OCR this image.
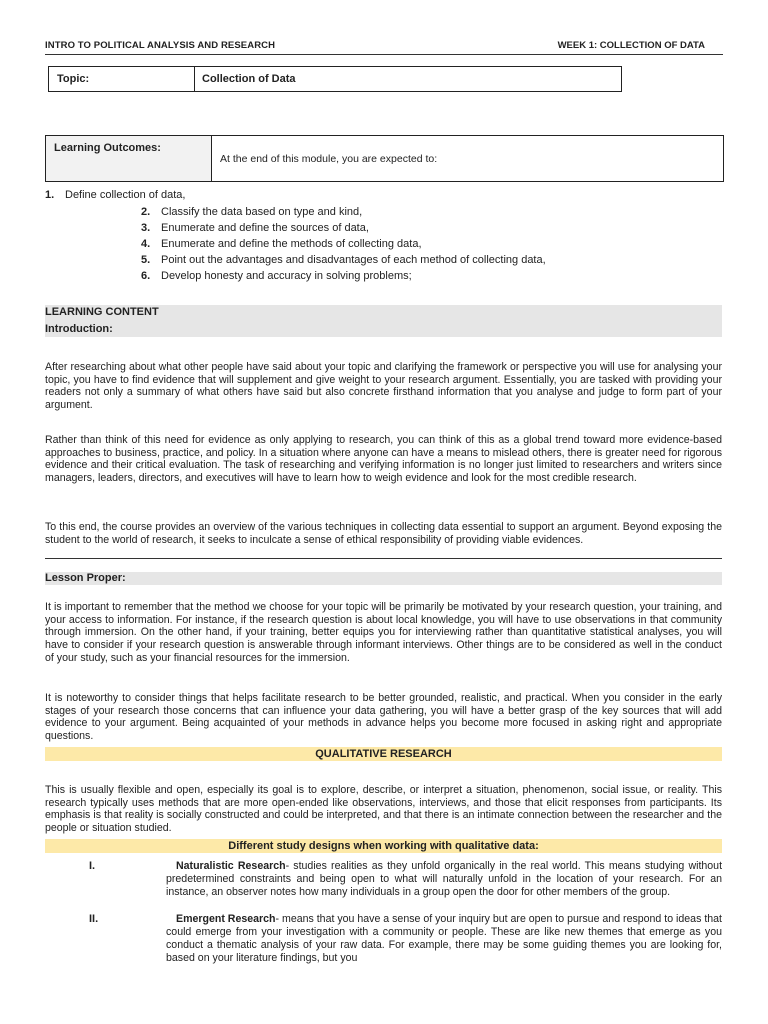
INTRO TO POLITICAL ANALYSIS AND RESEARCH	WEEK 1: COLLECTION OF DATA
Topic:	Collection of Data
Learning Outcomes:
At the end of this module, you are expected to:
1. Define collection of data,
2. Classify the data based on type and kind,
3. Enumerate and define the sources of data,
4. Enumerate and define the methods of collecting data,
5. Point out the advantages and disadvantages of each method of collecting data,
6. Develop honesty and accuracy in solving problems;
LEARNING CONTENT
Introduction:
After researching about what other people have said about your topic and clarifying the framework or perspective you will use for analysing your topic, you have to find evidence that will supplement and give weight to your research argument. Essentially, you are tasked with providing your readers not only a summary of what others have said but also concrete firsthand information that you analyse and judge to form part of your argument.
Rather than think of this need for evidence as only applying to research, you can think of this as a global trend toward more evidence-based approaches to business, practice, and policy. In a situation where anyone can have a means to mislead others, there is greater need for rigorous evidence and their critical evaluation. The task of researching and verifying information is no longer just limited to researchers and writers since managers, leaders, directors, and executives will have to learn how to weigh evidence and look for the most credible research.
To this end, the course provides an overview of the various techniques in collecting data essential to support an argument. Beyond exposing the student to the world of research, it seeks to inculcate a sense of ethical responsibility of providing viable evidences.
Lesson Proper:
It is important to remember that the method we choose for your topic will be primarily be motivated by your research question, your training, and your access to information. For instance, if the research question is about local knowledge, you will have to use observations in that community through immersion. On the other hand, if your training, better equips you for interviewing rather than quantitative statistical analyses, you will have to consider if your research question is answerable through informant interviews. Other things are to be considered as well in the conduct of your study, such as your financial resources for the immersion.
It is noteworthy to consider things that helps facilitate research to be better grounded, realistic, and practical. When you consider in the early stages of your research those concerns that can influence your data gathering, you will have a better grasp of the key sources that will add evidence to your argument. Being acquainted of your methods in advance helps you become more focused in asking right and appropriate questions.
QUALITATIVE RESEARCH
This is usually flexible and open, especially its goal is to explore, describe, or interpret a situation, phenomenon, social issue, or reality. This research typically uses methods that are more open-ended like observations, interviews, and those that elicit responses from participants. Its emphasis is that reality is socially constructed and could be interpreted, and that there is an intimate connection between the researcher and the people or situation studied.
Different study designs when working with qualitative data:
I.	Naturalistic Research- studies realities as they unfold organically in the real world. This means studying without predetermined constraints and being open to what will naturally unfold in the location of your research. For an instance, an observer notes how many individuals in a group open the door for other members of the group.
II.	Emergent Research- means that you have a sense of your inquiry but are open to pursue and respond to ideas that could emerge from your investigation with a community or people. These are like new themes that emerge as you conduct a thematic analysis of your raw data. For example, there may be some guiding themes you are looking for, based on your literature findings, but you
